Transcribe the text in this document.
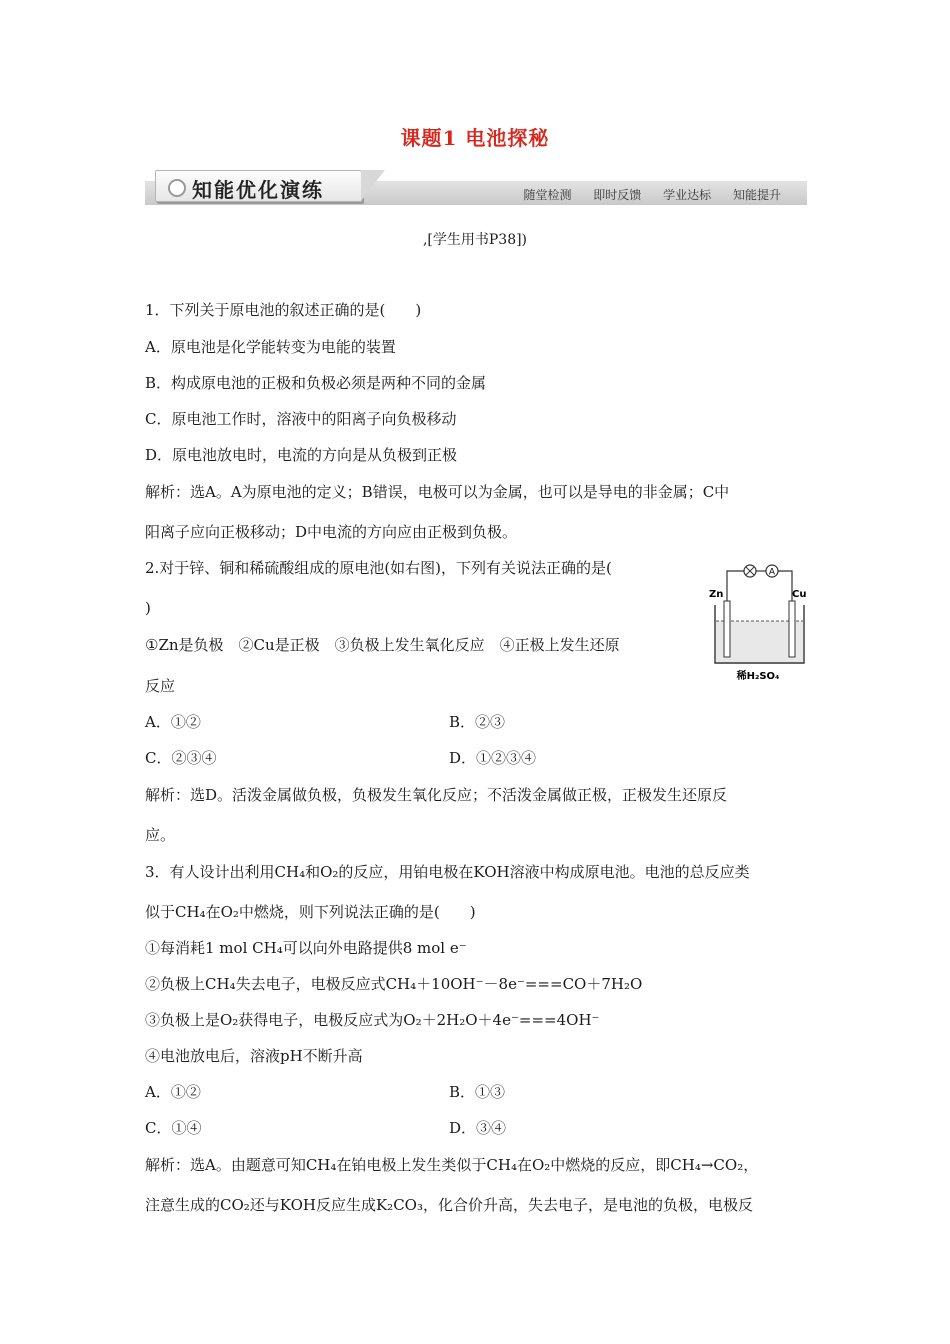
课题1 电池探秘
知能优化演练	随堂检测 即时反馈 学业达标 知能提升
,[学生用书P38])
1．下列关于原电池的叙述正确的是(　　)
A．原电池是化学能转变为电能的装置
B．构成原电池的正极和负极必须是两种不同的金属
C．原电池工作时，溶液中的阳离子向负极移动
D．原电池放电时，电流的方向是从负极到正极
解析：选A。A为原电池的定义；B错误，电极可以为金属，也可以是导电的非金属；C中
阳离子应向正极移动；D中电流的方向应由正极到负极。
2.对于锌、铜和稀硫酸组成的原电池(如右图)，下列有关说法正确的是(
)
①Zn是负极　②Cu是正极　③负极上发生氧化反应　④正极上发生还原
反应
A．①②	B．②③
C．②③④	D．①②③④
解析：选D。活泼金属做负极，负极发生氧化反应；不活泼金属做正极，正极发生还原反
应。
A
Zn	Cu
稀H₂SO₄
3．有人设计出利用CH₄和O₂的反应，用铂电极在KOH溶液中构成原电池。电池的总反应类
似于CH₄在O₂中燃烧，则下列说法正确的是(　　)
①每消耗1 mol CH₄可以向外电路提供8 mol e⁻
②负极上CH₄失去电子，电极反应式CH₄＋10OH⁻－8e⁻===CO＋7H₂O
③负极上是O₂获得电子，电极反应式为O₂＋2H₂O＋4e⁻===4OH⁻
④电池放电后，溶液pH不断升高
A．①②	B．①③
C．①④	D．③④
解析：选A。由题意可知CH₄在铂电极上发生类似于CH₄在O₂中燃烧的反应，即CH₄→CO₂，
注意生成的CO₂还与KOH反应生成K₂CO₃，化合价升高，失去电子，是电池的负极，电极反
